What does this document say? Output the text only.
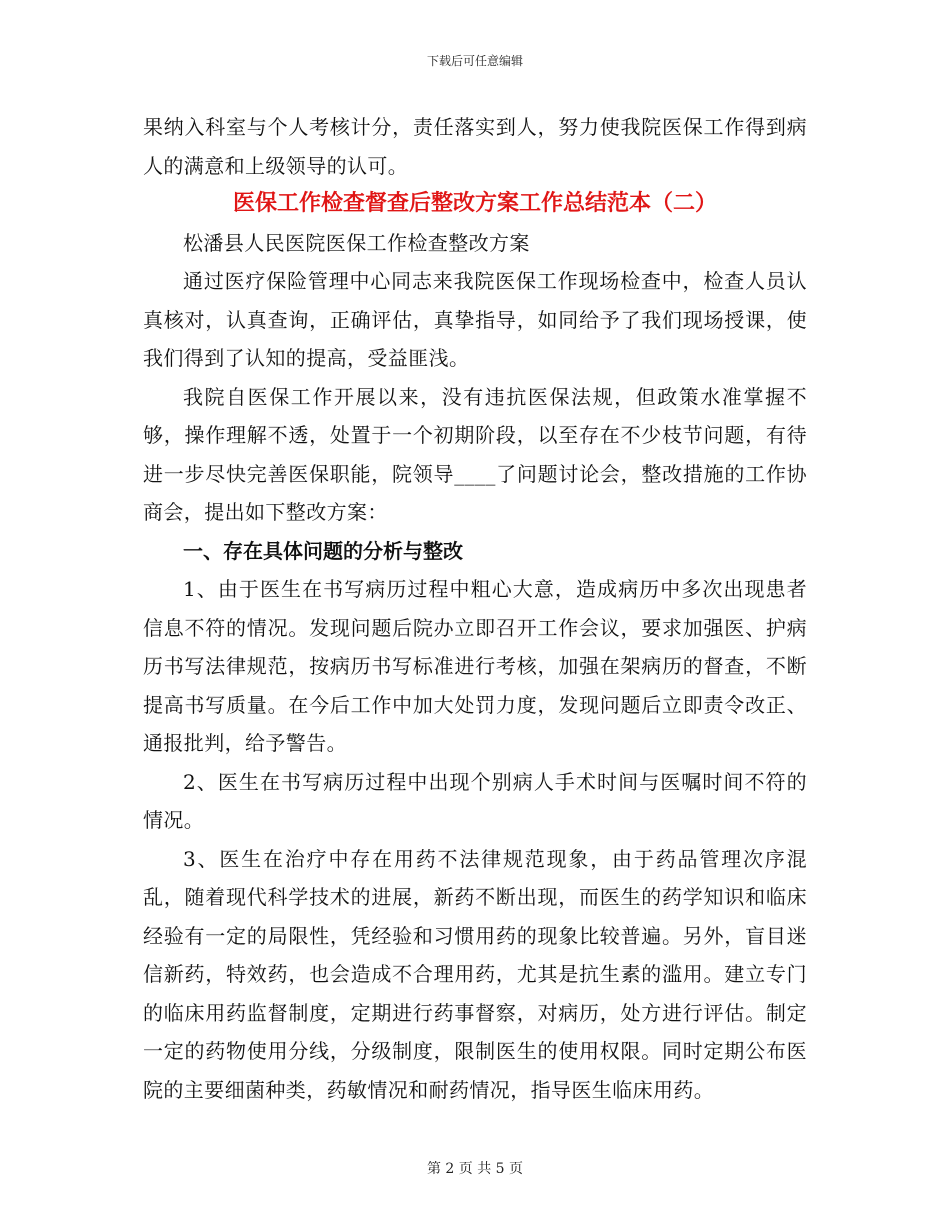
下载后可任意编辑

果纳入科室与个人考核计分，责任落实到人，努力使我院医保工作得到病人的满意和上级领导的认可。

医保工作检查督查后整改方案工作总结范本（二）

松潘县人民医院医保工作检查整改方案

通过医疗保险管理中心同志来我院医保工作现场检查中，检查人员认真核对，认真查询，正确评估，真挚指导，如同给予了我们现场授课，使我们得到了认知的提高，受益匪浅。

我院自医保工作开展以来，没有违抗医保法规，但政策水准掌握不够，操作理解不透，处置于一个初期阶段，以至存在不少枝节问题，有待进一步尽快完善医保职能，院领导____了问题讨论会，整改措施的工作协商会，提出如下整改方案：

一、存在具体问题的分析与整改

1、由于医生在书写病历过程中粗心大意，造成病历中多次出现患者信息不符的情况。发现问题后院办立即召开工作会议，要求加强医、护病历书写法律规范，按病历书写标准进行考核，加强在架病历的督查，不断提高书写质量。在今后工作中加大处罚力度，发现问题后立即责令改正、通报批判，给予警告。

2、医生在书写病历过程中出现个别病人手术时间与医嘱时间不符的情况。

3、医生在治疗中存在用药不法律规范现象，由于药品管理次序混乱，随着现代科学技术的进展，新药不断出现，而医生的药学知识和临床经验有一定的局限性，凭经验和习惯用药的现象比较普遍。另外，盲目迷信新药，特效药，也会造成不合理用药，尤其是抗生素的滥用。建立专门的临床用药监督制度，定期进行药事督察，对病历，处方进行评估。制定一定的药物使用分线，分级制度，限制医生的使用权限。同时定期公布医院的主要细菌种类，药敏情况和耐药情况，指导医生临床用药。

第 2 页 共 5 页
